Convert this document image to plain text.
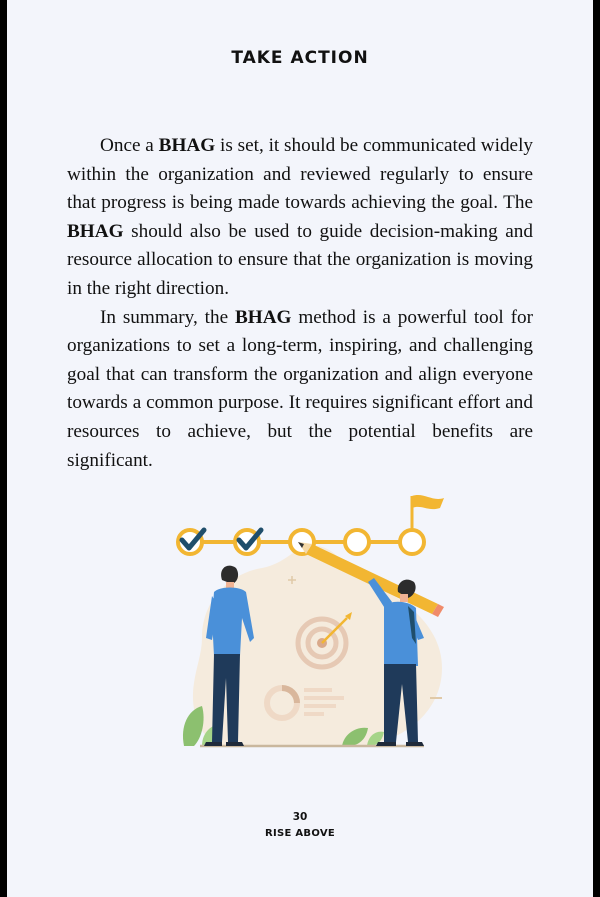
TAKE ACTION

Once a BHAG is set, it should be communicated widely within the organization and reviewed regularly to ensure that progress is being made towards achieving the goal. The BHAG should also be used to guide decision-making and resource allocation to ensure that the organization is moving in the right direction.

In summary, the BHAG method is a powerful tool for organizations to set a long-term, inspiring, and challenging goal that can transform the organization and align everyone towards a common purpose. It requires significant effort and resources to achieve, but the potential benefits are significant.

30
RISE ABOVE
